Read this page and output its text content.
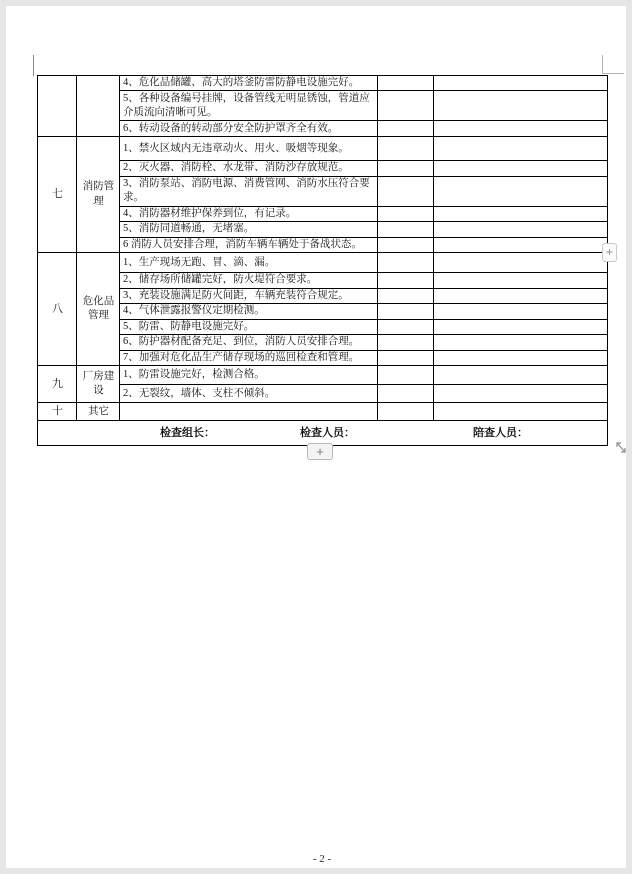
		4、危化品储罐、高大的塔釜防雷防静电设施完好。		
		5、各种设备编号挂牌，设备管线无明显锈蚀，管道应介质流向清晰可见。		
		6、转动设备的转动部分安全防护罩齐全有效。		
七	消防管理	1、禁火区域内无违章动火、用火、吸烟等现象。		
		2、灭火器、消防栓、水龙带、消防沙存放规范。		
		3、消防泵站、消防电源、消费管网、消防水压符合要求。		
		4、消防器材维护保养到位，有记录。		
		5、消防同道畅通，无堵塞。		
		6 消防人员安排合理，消防车辆车辆处于备战状态。		
八	危化品管理	1、生产现场无跑、冒、滴、漏。		
		2、储存场所储罐完好，防火堤符合要求。		
		3、充装设施满足防火间距，车辆充装符合规定。		
		4、气体泄露报警仪定期检测。		
		5、防雷、防静电设施完好。		
		6、防护器材配备充足、到位，消防人员安排合理。		
		7、加强对危化品生产储存现场的巡回检查和管理。		
九	厂房建设	1、防雷设施完好，检测合格。		
		2、无裂纹，墙体、支柱不倾斜。		
十	其它			

检查组长： 检查人员： 陪查人员：				
+
+
- 2 -
